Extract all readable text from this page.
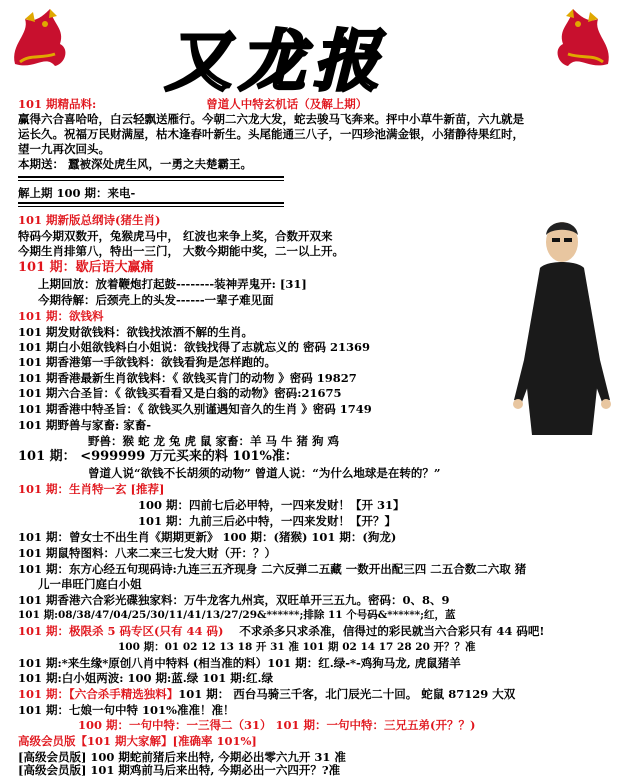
又龙报
101 期精品料:	曾道人中特玄机话（及解上期）
赢得六合喜哈哈，白云轻飘送雁行。今朝二六龙大发，蛇去骏马飞奔来。抨中小草牛新苗，六九就是
运长久。祝福万民财满屋，枯木逢春叶新生。头尾能通三八子，一四珍池满金银，小猪静待果红时，
望一九再次回头。
本期送： 蠶被深处虎生风，一勇之夫楚霸王。
解上期 100 期：来电-
101 期新版总纲诗(猪生肖)
特码今期双数开，兔猴虎马中， 红波也来争上奖，合数开双来
今期生肖排第八，特出一三门， 大数今期能中奖，二一以上开。
101 期：歇后语大赢痛
上期回放：放着鞭炮打起鼓--------装神弄鬼开: [31]
今期待解：后颈壳上的头发------一辈子难见面
101 期：欲钱料
101 期发财欲钱料：欲钱找浓酒不解的生肖。
101 期白小姐欲钱料白小姐说：欲钱找得了志就忘义的 密码 21369
101 期香港第一手欲钱料：欲钱看狗是怎样跑的。
101 期香港最新生肖欲钱料：《 欲钱买肯门的动物 》密码 19827
101 期六合圣旨：《 欲钱买看看又是白翁的动物》密码:21675
101 期香港中特圣旨：《 欲钱买久别谨遇知音久的生肖 》密码 1749
101 期野兽与家畜: 家畜-
野兽：猴 蛇 龙 兔 虎 鼠 家畜：羊 马 牛 猪 狗 鸡
101 期： <999999 万元买来的料 101%准：
曾道人说“欲钱不长胡须的动物” 曾道人说：“为什么地球是在转的？”
101 期：生肖特一玄 [推荐]
100 期：四前七后必甲特，一四来发财！【开 31】
101 期：九前三后必中特，一四来发财！【开？】
101 期：曾女士不出生肖《期期更新》 100 期：(猪猴) 101 期：(狗龙)
101 期鼠特图料：八来二来三七发大财（开：？）
101 期：东方心经五句现码诗:九连三五齐现身 二六反弹二五藏 一数开出配三四 二五合数二六取 猪
儿一串旺门庭白小姐
101 期香港六合彩光碟独家料：万牛龙客九州宾，双旺单开三五九。密码：0、8、9
101 期:08/38/47/04/25/30/11/41/13/27/29&******;排除 11 个号码&******;红，蓝
101 期：极限杀 5 码专区(只有 44 码) 不求杀多只求杀准，信得过的彩民就当六合彩只有 44 码吧!
100 期：01 02 12 13 18 开 31 准 101 期 02 14 17 28 20 开？？准
101 期:*来生缘*原创八肖中特料 (相当准的料）101 期：红.绿-*-鸡狗马龙, 虎鼠猪羊
101 期:白小姐两波: 100 期:蓝.绿 101 期:红.绿
101 期：【六合杀手精选独料】101 期： 西台马骑三千客，北门辰光二十回。 蛇鼠 87129 大双
101 期：七娘一句中特 101%准准！准！
100 期：一句中特：一三得二（31） 101 期：一句中特：三兄五弟(开？？)
高级会员版【101 期大家解】[准确率 101%]
[高级会员版] 100 期蛇前猪后来出特, 今期必出零六九开 31 准
[高级会员版] 101 期鸡前马后来出特, 今期必出一六四开？?准
